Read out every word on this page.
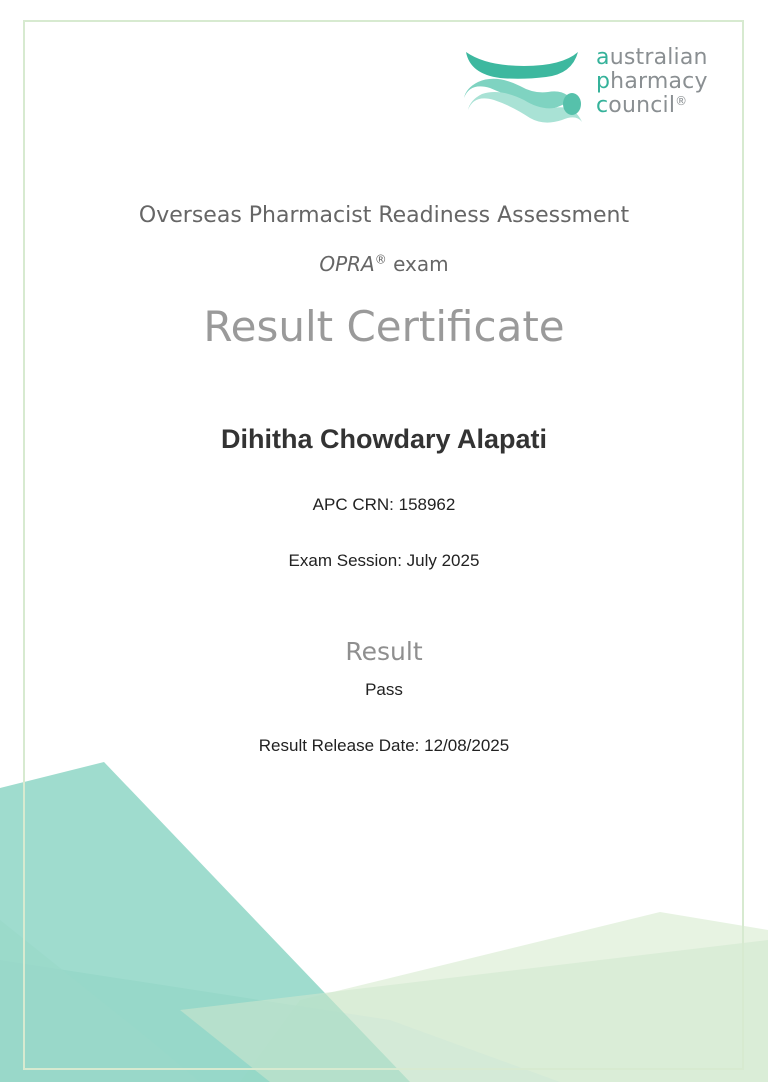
australian
pharmacy
council®
Overseas Pharmacist Readiness Assessment
OPRA® exam
Result Certificate
Dihitha Chowdary Alapati
APC CRN: 158962
Exam Session: July 2025
Result
Pass
Result Release Date: 12/08/2025
